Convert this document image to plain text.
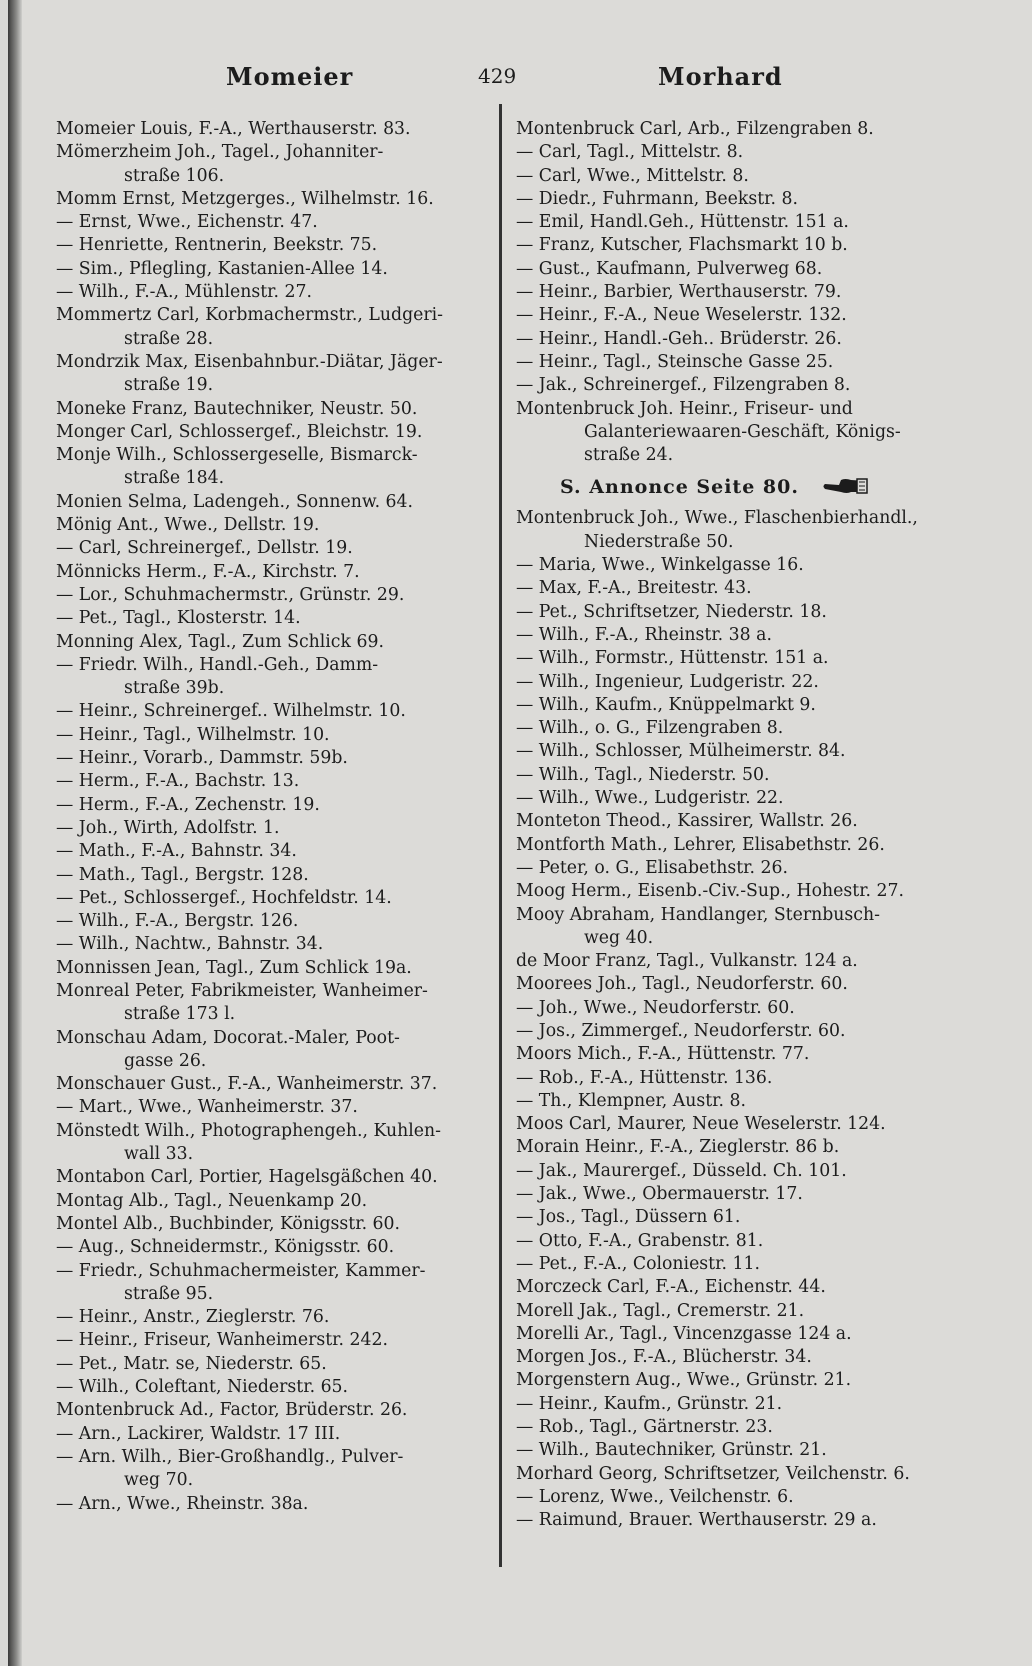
Momeier	429	Morhard
Momeier Louis, F.-A., Werthauserstr. 83.
Mömerzheim Joh., Tagel., Johanniter-
straße 106.
Momm Ernst, Metzgerges., Wilhelmstr. 16.
— Ernst, Wwe., Eichenstr. 47.
— Henriette, Rentnerin, Beekstr. 75.
— Sim., Pflegling, Kastanien-Allee 14.
— Wilh., F.-A., Mühlenstr. 27.
Mommertz Carl, Korbmachermstr., Ludgeri-
straße 28.
Mondrzik Max, Eisenbahnbur.-Diätar, Jäger-
straße 19.
Moneke Franz, Bautechniker, Neustr. 50.
Monger Carl, Schlossergef., Bleichstr. 19.
Monje Wilh., Schlossergeselle, Bismarck-
straße 184.
Monien Selma, Ladengeh., Sonnenw. 64.
Mönig Ant., Wwe., Dellstr. 19.
— Carl, Schreinergef., Dellstr. 19.
Mönnicks Herm., F.-A., Kirchstr. 7.
— Lor., Schuhmachermstr., Grünstr. 29.
— Pet., Tagl., Klosterstr. 14.
Monning Alex, Tagl., Zum Schlick 69.
— Friedr. Wilh., Handl.-Geh., Damm-
straße 39b.
— Heinr., Schreinergef.. Wilhelmstr. 10.
— Heinr., Tagl., Wilhelmstr. 10.
— Heinr., Vorarb., Dammstr. 59b.
— Herm., F.-A., Bachstr. 13.
— Herm., F.-A., Zechenstr. 19.
— Joh., Wirth, Adolfstr. 1.
— Math., F.-A., Bahnstr. 34.
— Math., Tagl., Bergstr. 128.
— Pet., Schlossergef., Hochfeldstr. 14.
— Wilh., F.-A., Bergstr. 126.
— Wilh., Nachtw., Bahnstr. 34.
Monnissen Jean, Tagl., Zum Schlick 19a.
Monreal Peter, Fabrikmeister, Wanheimer-
straße 173 l.
Monschau Adam, Docorat.-Maler, Poot-
gasse 26.
Monschauer Gust., F.-A., Wanheimerstr. 37.
— Mart., Wwe., Wanheimerstr. 37.
Mönstedt Wilh., Photographengeh., Kuhlen-
wall 33.
Montabon Carl, Portier, Hagelsgäßchen 40.
Montag Alb., Tagl., Neuenkamp 20.
Montel Alb., Buchbinder, Königsstr. 60.
— Aug., Schneidermstr., Königsstr. 60.
— Friedr., Schuhmachermeister, Kammer-
straße 95.
— Heinr., Anstr., Zieglerstr. 76.
— Heinr., Friseur, Wanheimerstr. 242.
— Pet., Matr. se, Niederstr. 65.
— Wilh., Coleftant, Niederstr. 65.
Montenbruck Ad., Factor, Brüderstr. 26.
— Arn., Lackirer, Waldstr. 17 III.
— Arn. Wilh., Bier-Großhandlg., Pulver-
weg 70.
— Arn., Wwe., Rheinstr. 38a.
Montenbruck Carl, Arb., Filzengraben 8.
— Carl, Tagl., Mittelstr. 8.
— Carl, Wwe., Mittelstr. 8.
— Diedr., Fuhrmann, Beekstr. 8.
— Emil, Handl.Geh., Hüttenstr. 151 a.
— Franz, Kutscher, Flachsmarkt 10 b.
— Gust., Kaufmann, Pulverweg 68.
— Heinr., Barbier, Werthauserstr. 79.
— Heinr., F.-A., Neue Weselerstr. 132.
— Heinr., Handl.-Geh.. Brüderstr. 26.
— Heinr., Tagl., Steinsche Gasse 25.
— Jak., Schreinergef., Filzengraben 8.
Montenbruck Joh. Heinr., Friseur- und
Galanteriewaaren-Geschäft, Königs-
straße 24.
S. Annonce Seite 80.
Montenbruck Joh., Wwe., Flaschenbierhandl.,
Niederstraße 50.
— Maria, Wwe., Winkelgasse 16.
— Max, F.-A., Breitestr. 43.
— Pet., Schriftsetzer, Niederstr. 18.
— Wilh., F.-A., Rheinstr. 38 a.
— Wilh., Formstr., Hüttenstr. 151 a.
— Wilh., Ingenieur, Ludgeristr. 22.
— Wilh., Kaufm., Knüppelmarkt 9.
— Wilh., o. G., Filzengraben 8.
— Wilh., Schlosser, Mülheimerstr. 84.
— Wilh., Tagl., Niederstr. 50.
— Wilh., Wwe., Ludgeristr. 22.
Monteton Theod., Kassirer, Wallstr. 26.
Montforth Math., Lehrer, Elisabethstr. 26.
— Peter, o. G., Elisabethstr. 26.
Moog Herm., Eisenb.-Civ.-Sup., Hohestr. 27.
Mooy Abraham, Handlanger, Sternbusch-
weg 40.
de Moor Franz, Tagl., Vulkanstr. 124 a.
Moorees Joh., Tagl., Neudorferstr. 60.
— Joh., Wwe., Neudorferstr. 60.
— Jos., Zimmergef., Neudorferstr. 60.
Moors Mich., F.-A., Hüttenstr. 77.
— Rob., F.-A., Hüttenstr. 136.
— Th., Klempner, Austr. 8.
Moos Carl, Maurer, Neue Weselerstr. 124.
Morain Heinr., F.-A., Zieglerstr. 86 b.
— Jak., Maurergef., Düsseld. Ch. 101.
— Jak., Wwe., Obermauerstr. 17.
— Jos., Tagl., Düssern 61.
— Otto, F.-A., Grabenstr. 81.
— Pet., F.-A., Coloniestr. 11.
Morczeck Carl, F.-A., Eichenstr. 44.
Morell Jak., Tagl., Cremerstr. 21.
Morelli Ar., Tagl., Vincenzgasse 124 a.
Morgen Jos., F.-A., Blücherstr. 34.
Morgenstern Aug., Wwe., Grünstr. 21.
— Heinr., Kaufm., Grünstr. 21.
— Rob., Tagl., Gärtnerstr. 23.
— Wilh., Bautechniker, Grünstr. 21.
Morhard Georg, Schriftsetzer, Veilchenstr. 6.
— Lorenz, Wwe., Veilchenstr. 6.
— Raimund, Brauer. Werthauserstr. 29 a.
